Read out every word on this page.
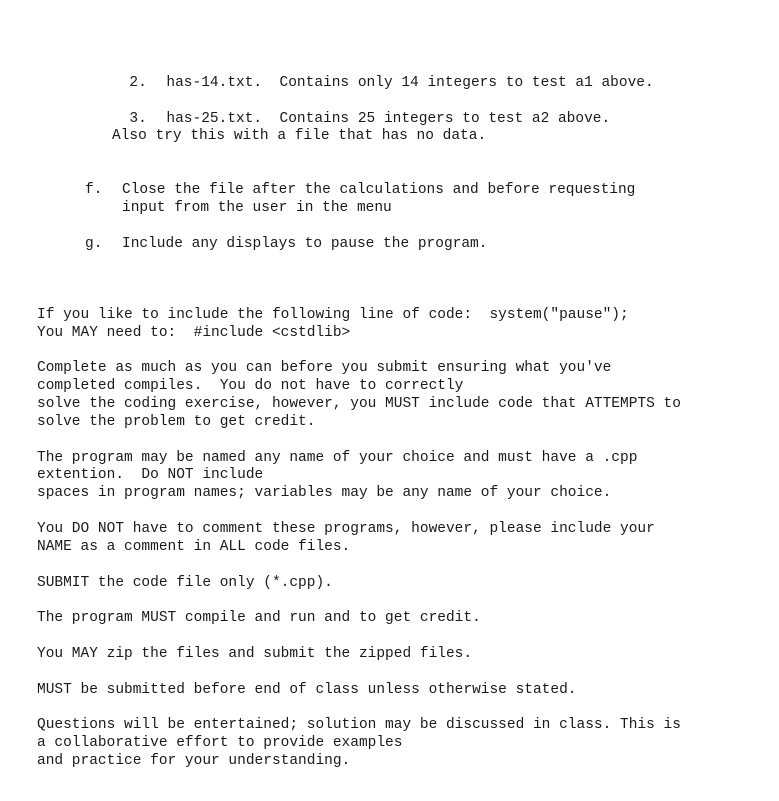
2. has-14.txt.  Contains only 14 integers to test a1 above.

3. has-25.txt.  Contains 25 integers to test a2 above.

Also try this with a file that has no data.
f. Close the file after the calculations and before requesting
input from the user in the menu
g. Include any displays to pause the program.
If you like to include the following line of code:  system("pause");
You MAY need to:  #include <cstdlib>
Complete as much as you can before you submit ensuring what you've
completed compiles.  You do not have to correctly
solve the coding exercise, however, you MUST include code that ATTEMPTS to
solve the problem to get credit.
The program may be named any name of your choice and must have a .cpp
extention.  Do NOT include
spaces in program names; variables may be any name of your choice.
You DO NOT have to comment these programs, however, please include your
NAME as a comment in ALL code files.
SUBMIT the code file only (*.cpp).
The program MUST compile and run and to get credit.
You MAY zip the files and submit the zipped files.
MUST be submitted before end of class unless otherwise stated.
Questions will be entertained; solution may be discussed in class. This is
a collaborative effort to provide examples
and practice for your understanding.
